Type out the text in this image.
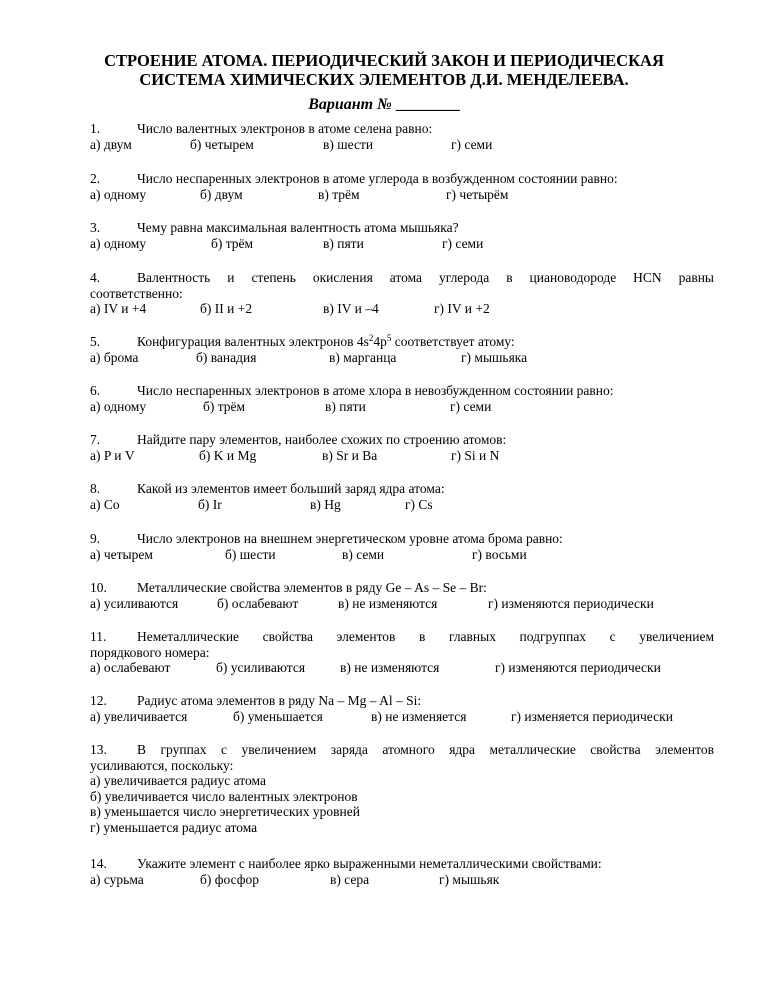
СТРОЕНИЕ АТОМА. ПЕРИОДИЧЕСКИЙ ЗАКОН И ПЕРИОДИЧЕСКАЯ
СИСТЕМА ХИМИЧЕСКИХ ЭЛЕМЕНТОВ Д.И. МЕНДЕЛЕЕВА.
Вариант № ________
1.	Число валентных электронов в атоме селена равно:
а) двум	б) четырем	в) шести	г) семи
2.	Число неспаренных электронов в атоме углерода в возбужденном состоянии равно:
а) одному	б) двум	в) трём	г) четырём
3.	Чему равна максимальная валентность атома мышьяка?
а) одному	б) трём	в) пяти	г) семи
4.	Валентность и степень окисления атома углерода в циановодороде HCN равны
соответственно:
а) IV и +4	б) II и +2	в) IV и –4	г) IV и +2
5.	Конфигурация валентных электронов $4s^24p^5$ соответствует атому:
а) брома	б) ванадия	в) марганца	г) мышьяка
6.	Число неспаренных электронов в атоме хлора в невозбужденном состоянии равно:
а) одному	б) трём	в) пяти	г) семи
7.	Найдите пару элементов, наиболее схожих по строению атомов:
а) P и V	б) K и Mg	в) Sr и Ba	г) Si и N
8.	Какой из элементов имеет больший заряд ядра атома:
а) Co	б) Ir	в) Hg	г) Cs
9.	Число электронов на внешнем энергетическом уровне атома брома равно:
а) четырем	б) шести	в) семи	г) восьми
10. Металлические свойства элементов в ряду Ge – As – Se – Br:
а) усиливаются	б) ослабевают	в) не изменяются	г) изменяются периодически
11.	Неметаллические свойства элементов в главных подгруппах с увеличением
порядкового номера:
а) ослабевают	б) усиливаются	в) не изменяются	г) изменяются периодически
12. Радиус атома элементов в ряду Na – Mg – Al – Si:
а) увеличивается	б) уменьшается	в) не изменяется	г) изменяется периодически
13.	В группах с увеличением заряда атомного ядра металлические свойства элементов
усиливаются, поскольку:
а) увеличивается радиус атома
б) увеличивается число валентных электронов
в) уменьшается число энергетических уровней
г) уменьшается радиус атома
14. Укажите элемент с наиболее ярко выраженными неметаллическими свойствами:
а) сурьма	б) фосфор	в) сера	г) мышьяк
